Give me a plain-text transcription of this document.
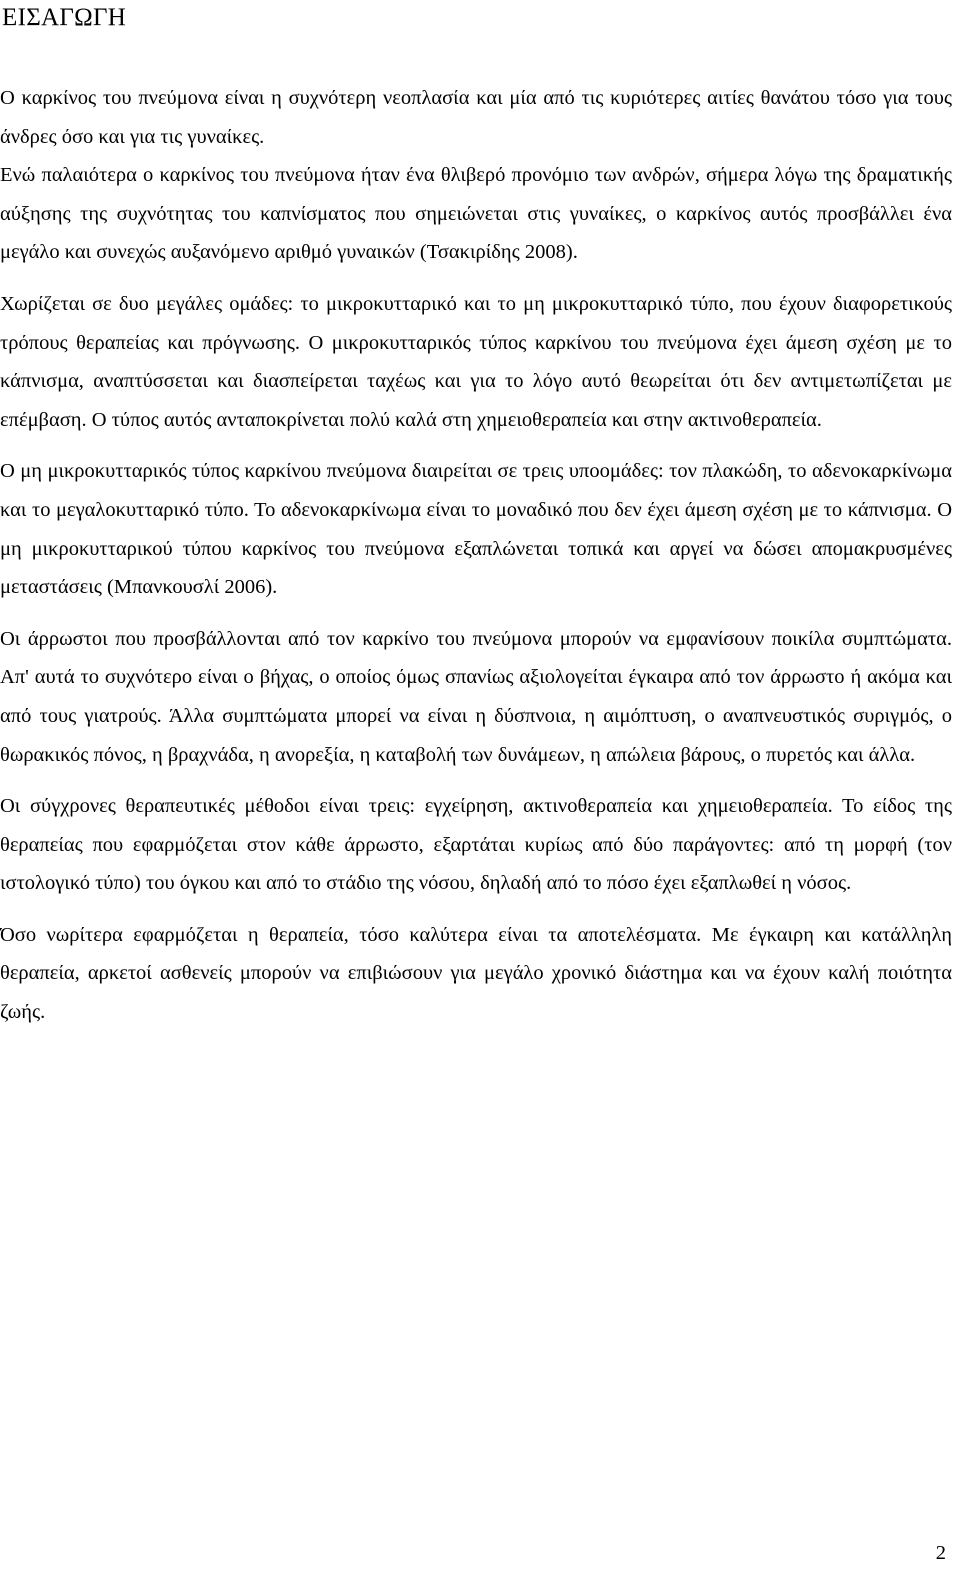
ΕΙΣΑΓΩΓΗ

Ο καρκίνος του πνεύμονα είναι η συχνότερη νεοπλασία και μία από τις κυριότερες αιτίες θανάτου τόσο για τους άνδρες όσο και για τις γυναίκες.

Ενώ παλαιότερα ο καρκίνος του πνεύμονα ήταν ένα θλιβερό προνόμιο των ανδρών, σήμερα λόγω της δραματικής αύξησης της συχνότητας του καπνίσματος που σημειώνεται στις γυναίκες, ο καρκίνος αυτός προσβάλλει ένα μεγάλο και συνεχώς αυξανόμενο αριθμό γυναικών (Τσακιρίδης 2008).

Χωρίζεται σε δυο μεγάλες ομάδες: το μικροκυτταρικό και το μη μικροκυτταρικό τύπο, που έχουν διαφορετικούς τρόπους θεραπείας και πρόγνωσης. Ο μικροκυτταρικός τύπος καρκίνου του πνεύμονα έχει άμεση σχέση με το κάπνισμα, αναπτύσσεται και διασπείρεται ταχέως και για το λόγο αυτό θεωρείται ότι δεν αντιμετωπίζεται με επέμβαση. Ο τύπος αυτός ανταποκρίνεται πολύ καλά στη χημειοθεραπεία και στην ακτινοθεραπεία.

Ο μη μικροκυτταρικός τύπος καρκίνου πνεύμονα διαιρείται σε τρεις υποομάδες: τον πλακώδη, το αδενοκαρκίνωμα και το μεγαλοκυτταρικό τύπο. Το αδενοκαρκίνωμα είναι το μοναδικό που δεν έχει άμεση σχέση με το κάπνισμα. Ο μη μικροκυτταρικού τύπου καρκίνος του πνεύμονα εξαπλώνεται τοπικά και αργεί να δώσει απομακρυσμένες μεταστάσεις (Μπανκουσλί 2006).

Οι άρρωστοι που προσβάλλονται από τον καρκίνο του πνεύμονα μπορούν να εμφανίσουν ποικίλα συμπτώματα. Απ' αυτά το συχνότερο είναι ο βήχας, ο οποίος όμως σπανίως αξιολογείται έγκαιρα από τον άρρωστο ή ακόμα και από τους γιατρούς. Άλλα συμπτώματα μπορεί να είναι η δύσπνοια, η αιμόπτυση, ο αναπνευστικός συριγμός, ο θωρακικός πόνος, η βραχνάδα, η ανορεξία, η καταβολή των δυνάμεων, η απώλεια βάρους, ο πυρετός και άλλα.

Οι σύγχρονες θεραπευτικές μέθοδοι είναι τρεις: εγχείρηση, ακτινοθεραπεία και χημειοθεραπεία. Το είδος της θεραπείας που εφαρμόζεται στον κάθε άρρωστο, εξαρτάται κυρίως από δύο παράγοντες: από τη μορφή (τον ιστολογικό τύπο) του όγκου και από το στάδιο της νόσου, δηλαδή από το πόσο έχει εξαπλωθεί η νόσος.

Όσο νωρίτερα εφαρμόζεται η θεραπεία, τόσο καλύτερα είναι τα αποτελέσματα. Με έγκαιρη και κατάλληλη θεραπεία, αρκετοί ασθενείς μπορούν να επιβιώσουν για μεγάλο χρονικό διάστημα και να έχουν καλή ποιότητα ζωής.

2
